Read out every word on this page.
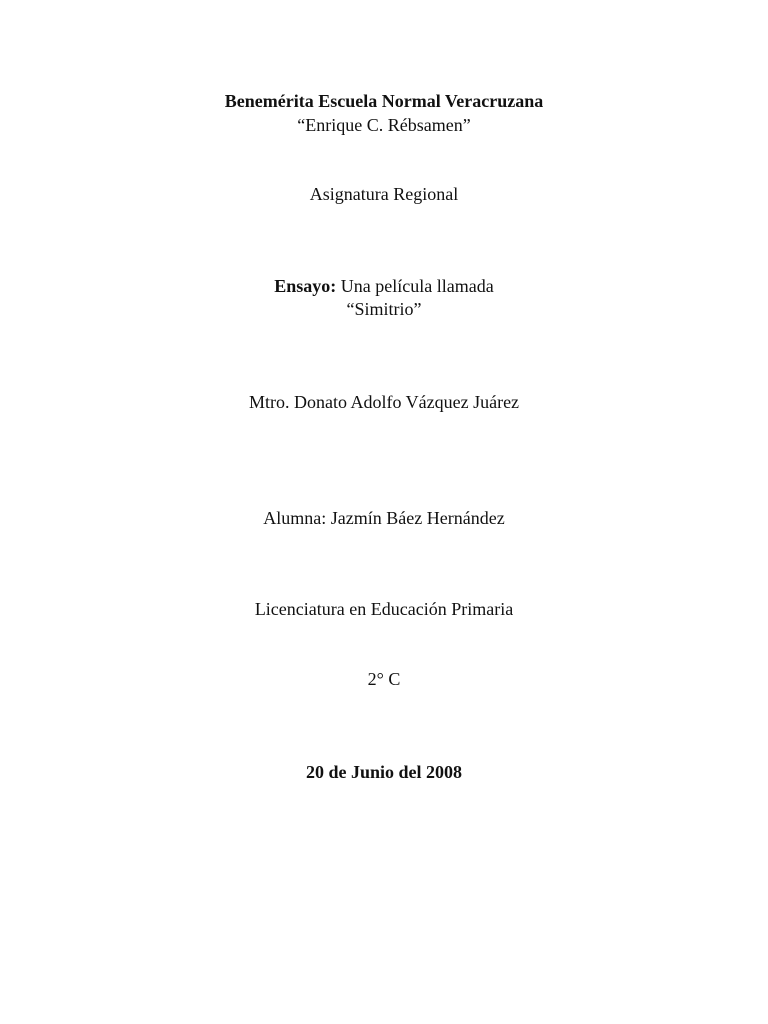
Benemérita Escuela Normal Veracruzana
“Enrique C. Rébsamen”
Asignatura Regional
Ensayo: Una película llamada
“Simitrio”
Mtro. Donato Adolfo Vázquez Juárez
Alumna: Jazmín Báez Hernández
Licenciatura en Educación Primaria
2° C
20 de Junio del 2008
